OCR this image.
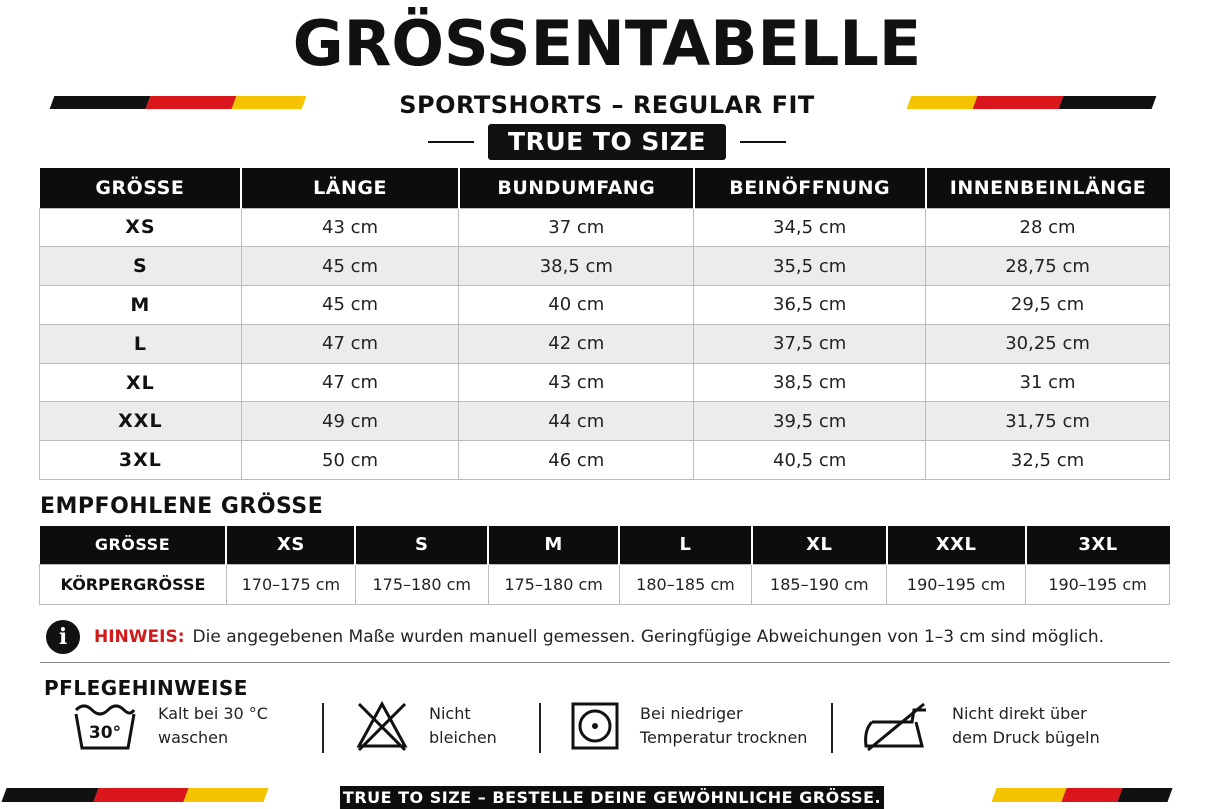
GRÖSSENTABELLE
SPORTSHORTS – REGULAR FIT
TRUE TO SIZE
GRÖSSE	LÄNGE	BUNDUMFANG	BEINÖFFNUNG	INNENBEINLÄNGE
XS	43 cm	37 cm	34,5 cm	28 cm
S	45 cm	38,5 cm	35,5 cm	28,75 cm
M	45 cm	40 cm	36,5 cm	29,5 cm
L	47 cm	42 cm	37,5 cm	30,25 cm
XL	47 cm	43 cm	38,5 cm	31 cm
XXL	49 cm	44 cm	39,5 cm	31,75 cm
3XL	50 cm	46 cm	40,5 cm	32,5 cm
EMPFOHLENE GRÖSSE
GRÖSSE	XS	S	M	L	XL	XXL	3XL
KÖRPERGRÖSSE	170–175 cm	175–180 cm	175–180 cm	180–185 cm	185–190 cm	190–195 cm	190–195 cm
i	HINWEIS: Die angegebenen Maße wurden manuell gemessen. Geringfügige Abweichungen von 1–3 cm sind möglich.
PFLEGEHINWEISE
30°
Kalt bei 30 °C
waschen
Nicht
bleichen
Bei niedriger
Temperatur trocknen
Nicht direkt über
dem Druck bügeln
TRUE TO SIZE – BESTELLE DEINE GEWÖHNLICHE GRÖSSE.
